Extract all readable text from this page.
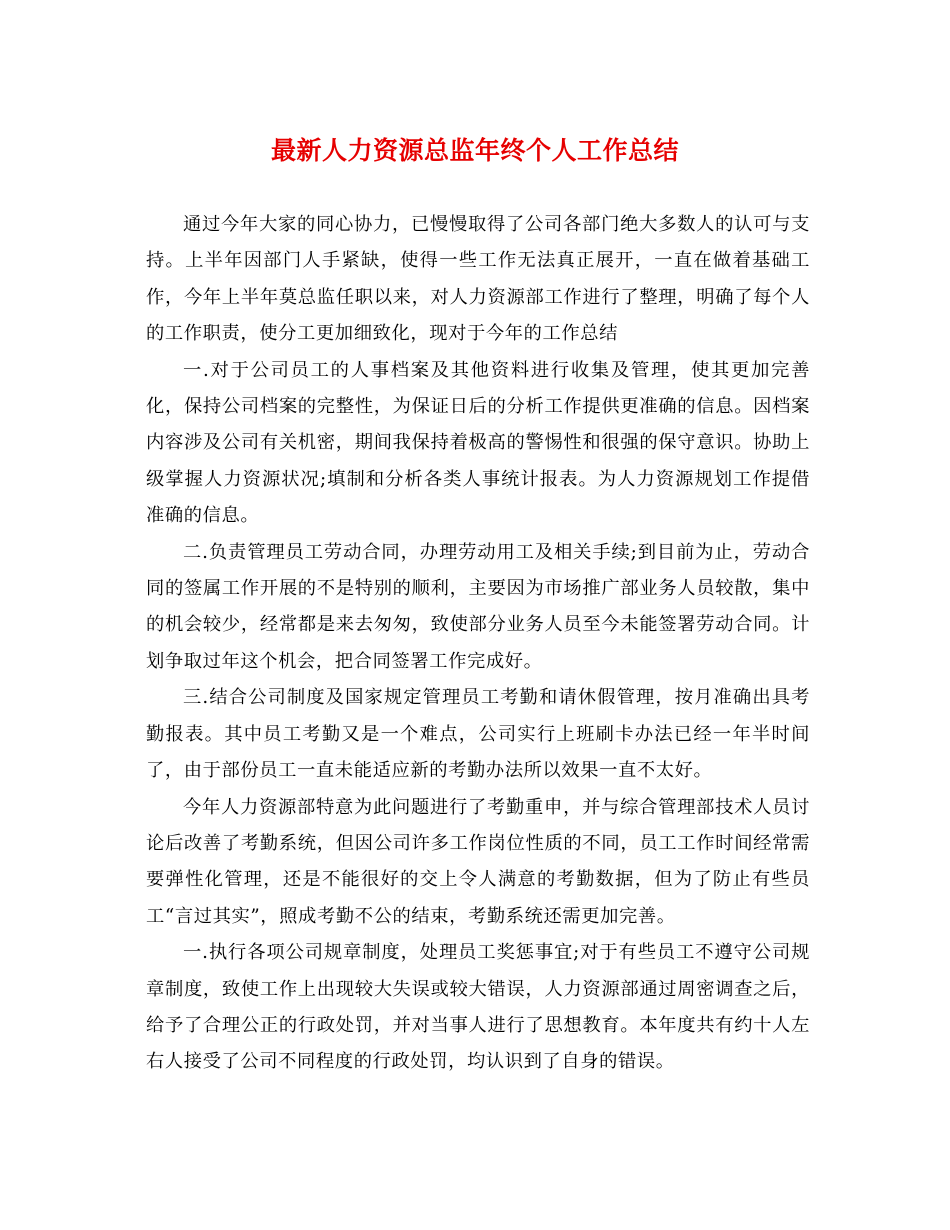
最新人力资源总监年终个人工作总结

通过今年大家的同心协力，已慢慢取得了公司各部门绝大多数人的认可与支持。上半年因部门人手紧缺，使得一些工作无法真正展开，一直在做着基础工作，今年上半年莫总监任职以来，对人力资源部工作进行了整理，明确了每个人的工作职责，使分工更加细致化，现对于今年的工作总结

一.对于公司员工的人事档案及其他资料进行收集及管理，使其更加完善化，保持公司档案的完整性，为保证日后的分析工作提供更准确的信息。因档案内容涉及公司有关机密，期间我保持着极高的警惕性和很强的保守意识。协助上级掌握人力资源状况;填制和分析各类人事统计报表。为人力资源规划工作提借准确的信息。

二.负责管理员工劳动合同，办理劳动用工及相关手续;到目前为止，劳动合同的签属工作开展的不是特别的顺利，主要因为市场推广部业务人员较散，集中的机会较少，经常都是来去匆匆，致使部分业务人员至今未能签署劳动合同。计划争取过年这个机会，把合同签署工作完成好。

三.结合公司制度及国家规定管理员工考勤和请休假管理，按月准确出具考勤报表。其中员工考勤又是一个难点，公司实行上班刷卡办法已经一年半时间了，由于部份员工一直未能适应新的考勤办法所以效果一直不太好。

今年人力资源部特意为此问题进行了考勤重申，并与综合管理部技术人员讨论后改善了考勤系统，但因公司许多工作岗位性质的不同，员工工作时间经常需要弹性化管理，还是不能很好的交上令人满意的考勤数据，但为了防止有些员工“言过其实”，照成考勤不公的结束，考勤系统还需更加完善。

一.执行各项公司规章制度，处理员工奖惩事宜;对于有些员工不遵守公司规章制度，致使工作上出现较大失误或较大错误，人力资源部通过周密调查之后，给予了合理公正的行政处罚，并对当事人进行了思想教育。本年度共有约十人左右人接受了公司不同程度的行政处罚，均认识到了自身的错误。
